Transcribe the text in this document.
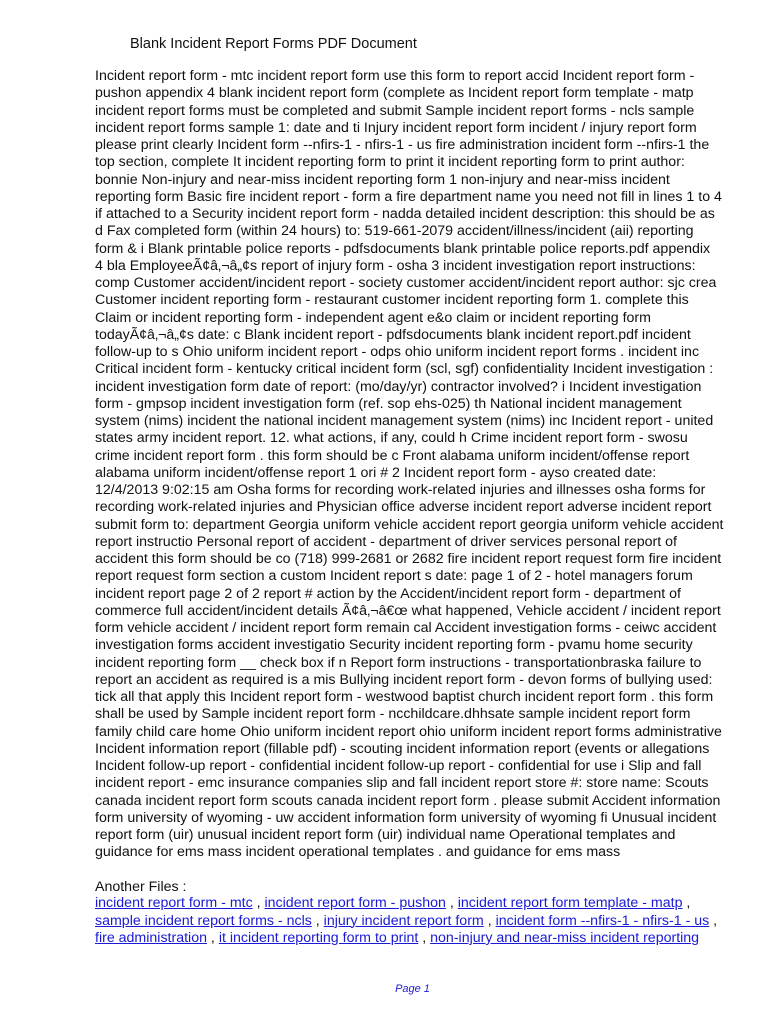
Blank Incident Report Forms PDF Document
Incident report form - mtc incident report form use this form to report accid Incident report form -
pushon appendix 4 blank incident report form (complete as Incident report form template - matp
incident report forms must be completed and submit Sample incident report forms - ncls sample
incident report forms sample 1: date and ti Injury incident report form incident / injury report form
please print clearly Incident form --nfirs-1 - nfirs-1 - us fire administration incident form --nfirs-1 the
top section, complete It incident reporting form to print it incident reporting form to print author:
bonnie Non-injury and near-miss incident reporting form 1 non-injury and near-miss incident
reporting form Basic fire incident report - form a fire department name you need not fill in lines 1 to 4
if attached to a Security incident report form - nadda detailed incident description: this should be as
d Fax completed form (within 24 hours) to: 519-661-2079 accident/illness/incident (aii) reporting
form & i Blank printable police reports - pdfsdocuments blank printable police reports.pdf appendix
4 bla EmployeeÃ¢â‚¬â„¢s report of injury form - osha 3 incident investigation report instructions:
comp Customer accident/incident report - society customer accident/incident report author: sjc crea
Customer incident reporting form - restaurant customer incident reporting form 1. complete this
Claim or incident reporting form - independent agent e&o claim or incident reporting form
todayÃ¢â‚¬â„¢s date: c Blank incident report - pdfsdocuments blank incident report.pdf incident
follow-up to s Ohio uniform incident report - odps ohio uniform incident report forms . incident inc
Critical incident form - kentucky critical incident form (scl, sgf) confidentiality Incident investigation :
incident investigation form date of report: (mo/day/yr) contractor involved? i Incident investigation
form - gmpsop incident investigation form (ref. sop ehs-025) th National incident management
system (nims) incident the national incident management system (nims) inc Incident report - united
states army incident report. 12. what actions, if any, could h Crime incident report form - swosu
crime incident report form . this form should be c Front alabama uniform incident/offense report
alabama uniform incident/offense report 1 ori # 2 Incident report form - ayso created date:
12/4/2013 9:02:15 am Osha forms for recording work-related injuries and illnesses osha forms for
recording work-related injuries and Physician office adverse incident report adverse incident report
submit form to: department Georgia uniform vehicle accident report georgia uniform vehicle accident
report instructio Personal report of accident - department of driver services personal report of
accident this form should be co (718) 999-2681 or 2682 fire incident report request form fire incident
report request form section a custom Incident report s date: page 1 of 2 - hotel managers forum
incident report page 2 of 2 report # action by the Accident/incident report form - department of
commerce full accident/incident details Ã¢â‚¬â€œ what happened, Vehicle accident / incident report
form vehicle accident / incident report form remain cal Accident investigation forms - ceiwc accident
investigation forms accident investigatio Security incident reporting form - pvamu home security
incident reporting form __ check box if n Report form instructions - transportationbraska failure to
report an accident as required is a mis Bullying incident report form - devon forms of bullying used:
tick all that apply this Incident report form - westwood baptist church incident report form . this form
shall be used by Sample incident report form - ncchildcare.dhhsate sample incident report form
family child care home Ohio uniform incident report ohio uniform incident report forms administrative
Incident information report (fillable pdf) - scouting incident information report (events or allegations
Incident follow-up report - confidential incident follow-up report - confidential for use i Slip and fall
incident report - emc insurance companies slip and fall incident report store #: store name: Scouts
canada incident report form scouts canada incident report form . please submit Accident information
form university of wyoming - uw accident information form university of wyoming fi Unusual incident
report form (uir) unusual incident report form (uir) individual name Operational templates and
guidance for ems mass incident operational templates . and guidance for ems mass
Another Files :
incident report form - mtc , incident report form - pushon , incident report form template - matp ,
sample incident report forms - ncls , injury incident report form , incident form --nfirs-1 - nfirs-1 - us ,
fire administration , it incident reporting form to print , non-injury and near-miss incident reporting
Page 1
